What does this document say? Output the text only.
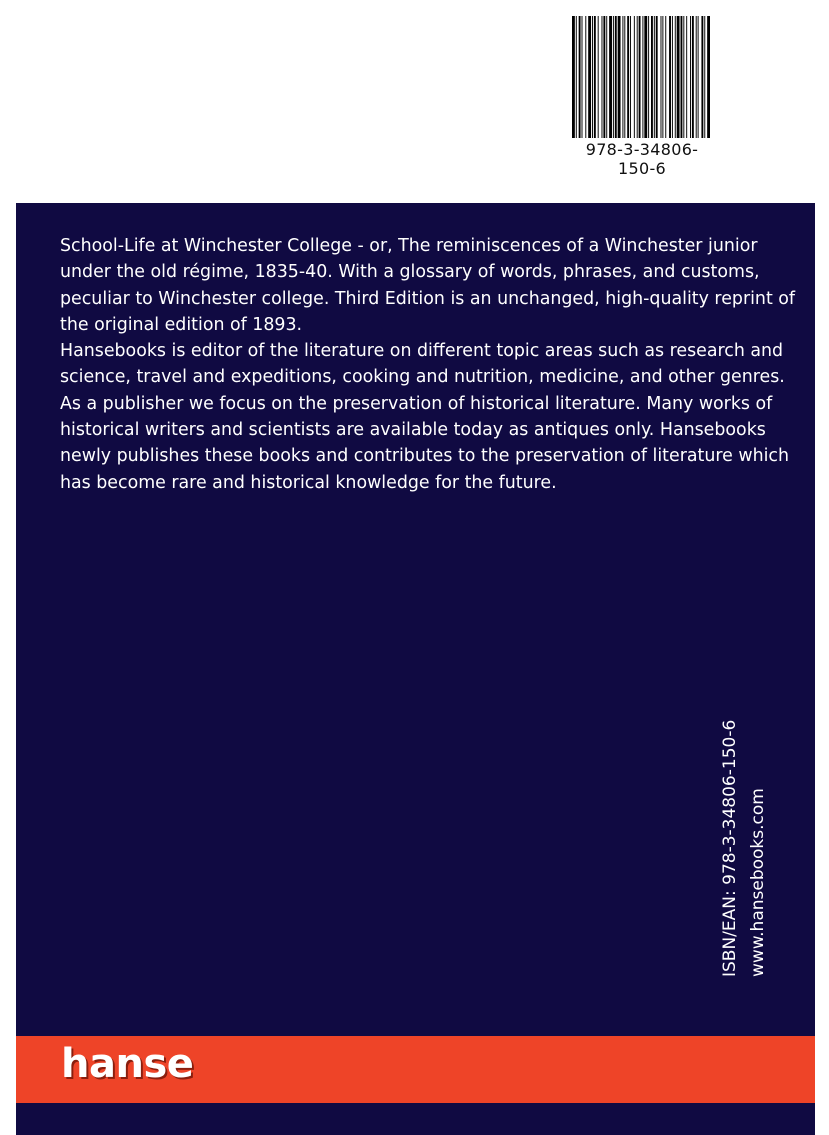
978-3-34806-150-6

School-Life at Winchester College - or, The reminiscences of a Winchester junior under the old régime, 1835-40. With a glossary of words, phrases, and customs, peculiar to Winchester college. Third Edition is an unchanged, high-quality reprint of the original edition of 1893.

Hansebooks is editor of the literature on different topic areas such as research and science, travel and expeditions, cooking and nutrition, medicine, and other genres. As a publisher we focus on the preservation of historical literature. Many works of historical writers and scientists are available today as antiques only. Hansebooks newly publishes these books and contributes to the preservation of literature which has become rare and historical knowledge for the future.

ISBN/EAN: 978-3-34806-150-6 www.hansebooks.com
hanse
